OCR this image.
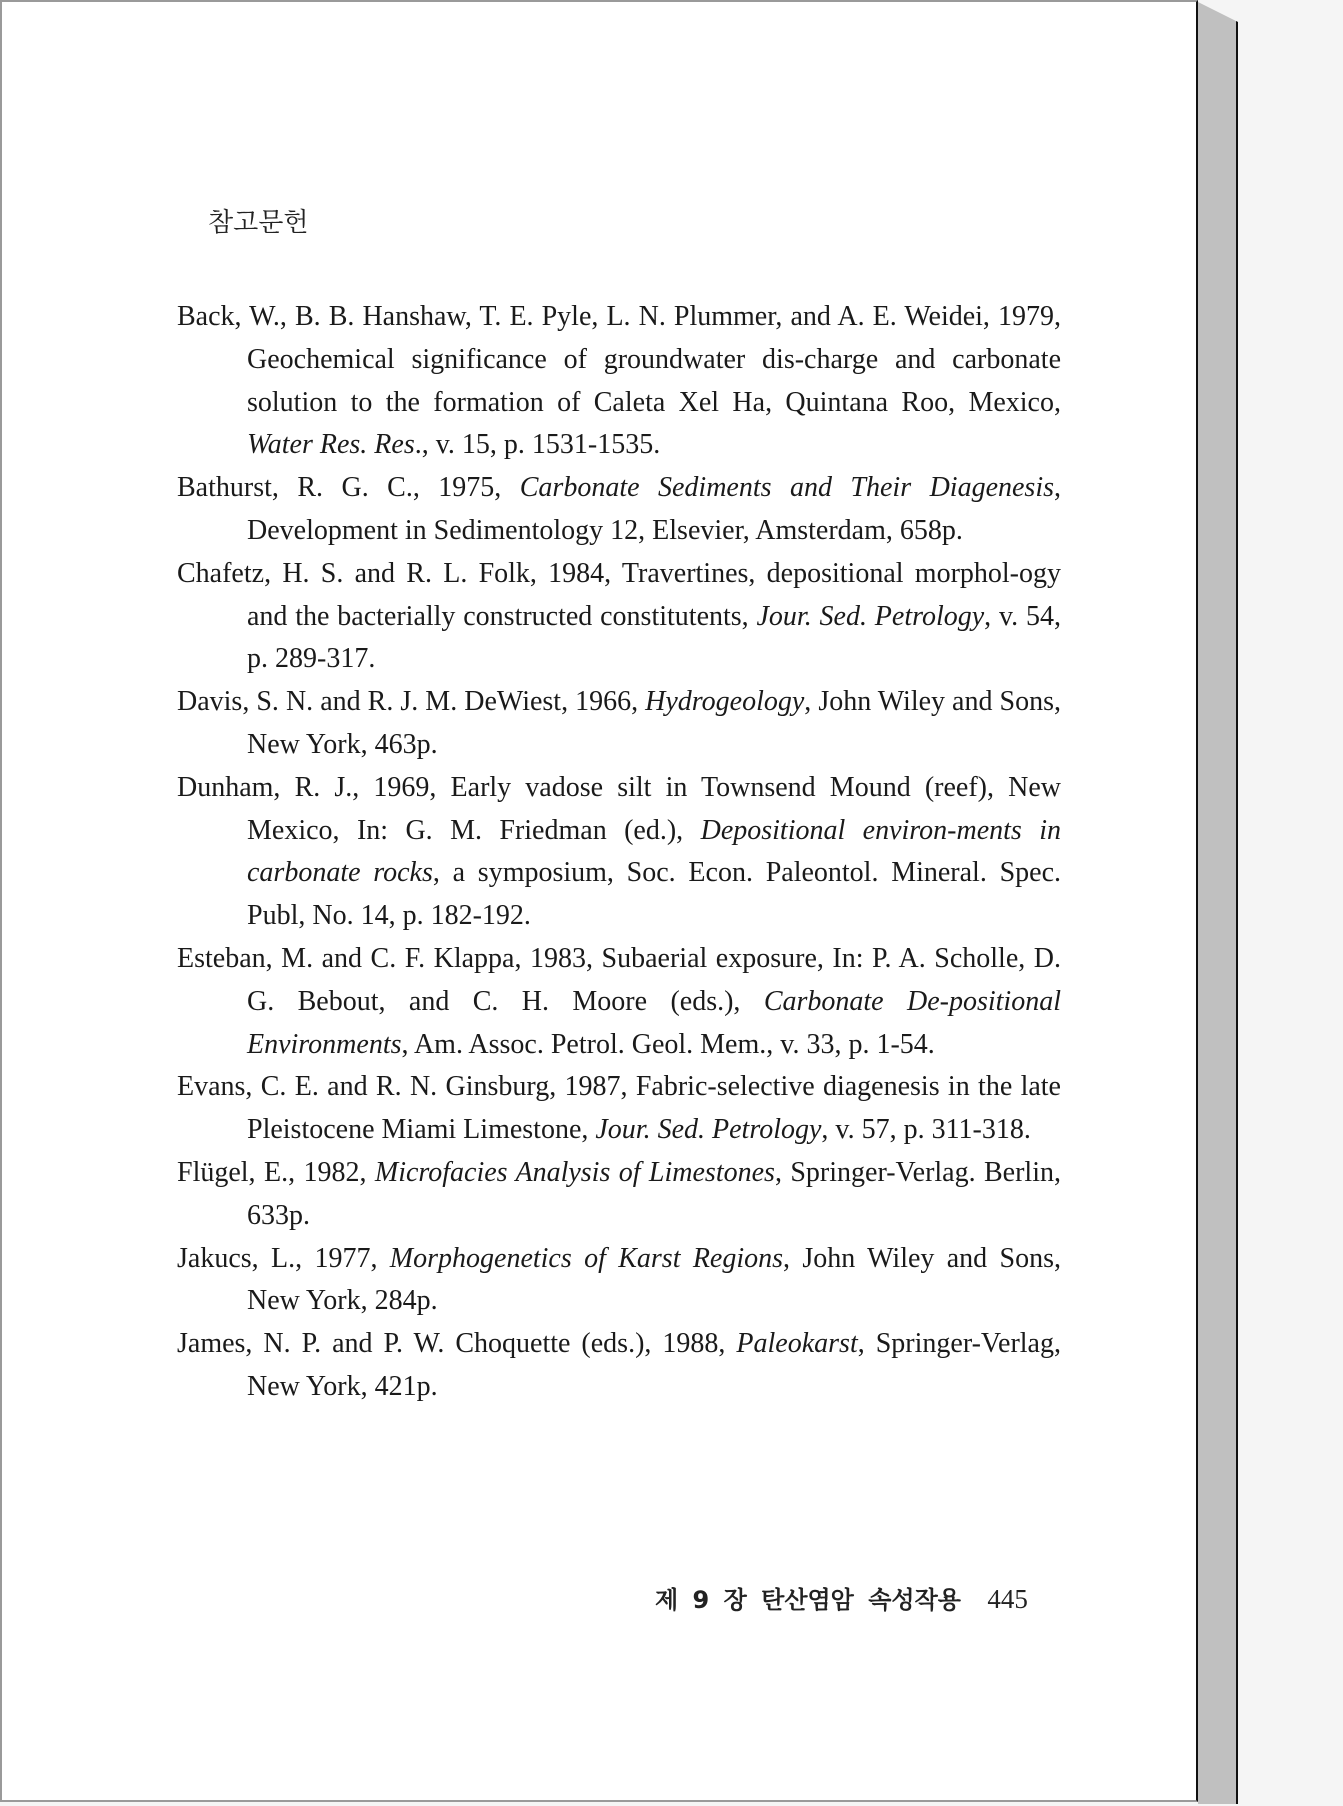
참고문헌

Back, W., B. B. Hanshaw, T. E. Pyle, L. N. Plummer, and A. E. Weidei, 1979, Geochemical significance of groundwater dis-charge and carbonate solution to the formation of Caleta Xel Ha, Quintana Roo, Mexico, Water Res. Res., v. 15, p. 1531-1535.

Bathurst, R. G. C., 1975, Carbonate Sediments and Their Diagenesis, Development in Sedimentology 12, Elsevier, Amsterdam, 658p.

Chafetz, H. S. and R. L. Folk, 1984, Travertines, depositional morphol-ogy and the bacterially constructed constitutents, Jour. Sed. Petrology, v. 54, p. 289-317.

Davis, S. N. and R. J. M. DeWiest, 1966, Hydrogeology, John Wiley and Sons, New York, 463p.

Dunham, R. J., 1969, Early vadose silt in Townsend Mound (reef), New Mexico, In: G. M. Friedman (ed.), Depositional environ-ments in carbonate rocks, a symposium, Soc. Econ. Paleontol. Mineral. Spec. Publ, No. 14, p. 182-192.

Esteban, M. and C. F. Klappa, 1983, Subaerial exposure, In: P. A. Scholle, D. G. Bebout, and C. H. Moore (eds.), Carbonate De-positional Environments, Am. Assoc. Petrol. Geol. Mem., v. 33, p. 1-54.

Evans, C. E. and R. N. Ginsburg, 1987, Fabric-selective diagenesis in the late Pleistocene Miami Limestone, Jour. Sed. Petrology, v. 57, p. 311-318.

Flügel, E., 1982, Microfacies Analysis of Limestones, Springer-Verlag. Berlin, 633p.

Jakucs, L., 1977, Morphogenetics of Karst Regions, John Wiley and Sons, New York, 284p.

James, N. P. and P. W. Choquette (eds.), 1988, Paleokarst, Springer-Verlag, New York, 421p.

제 9 장 탄산염암 속성작용 445
